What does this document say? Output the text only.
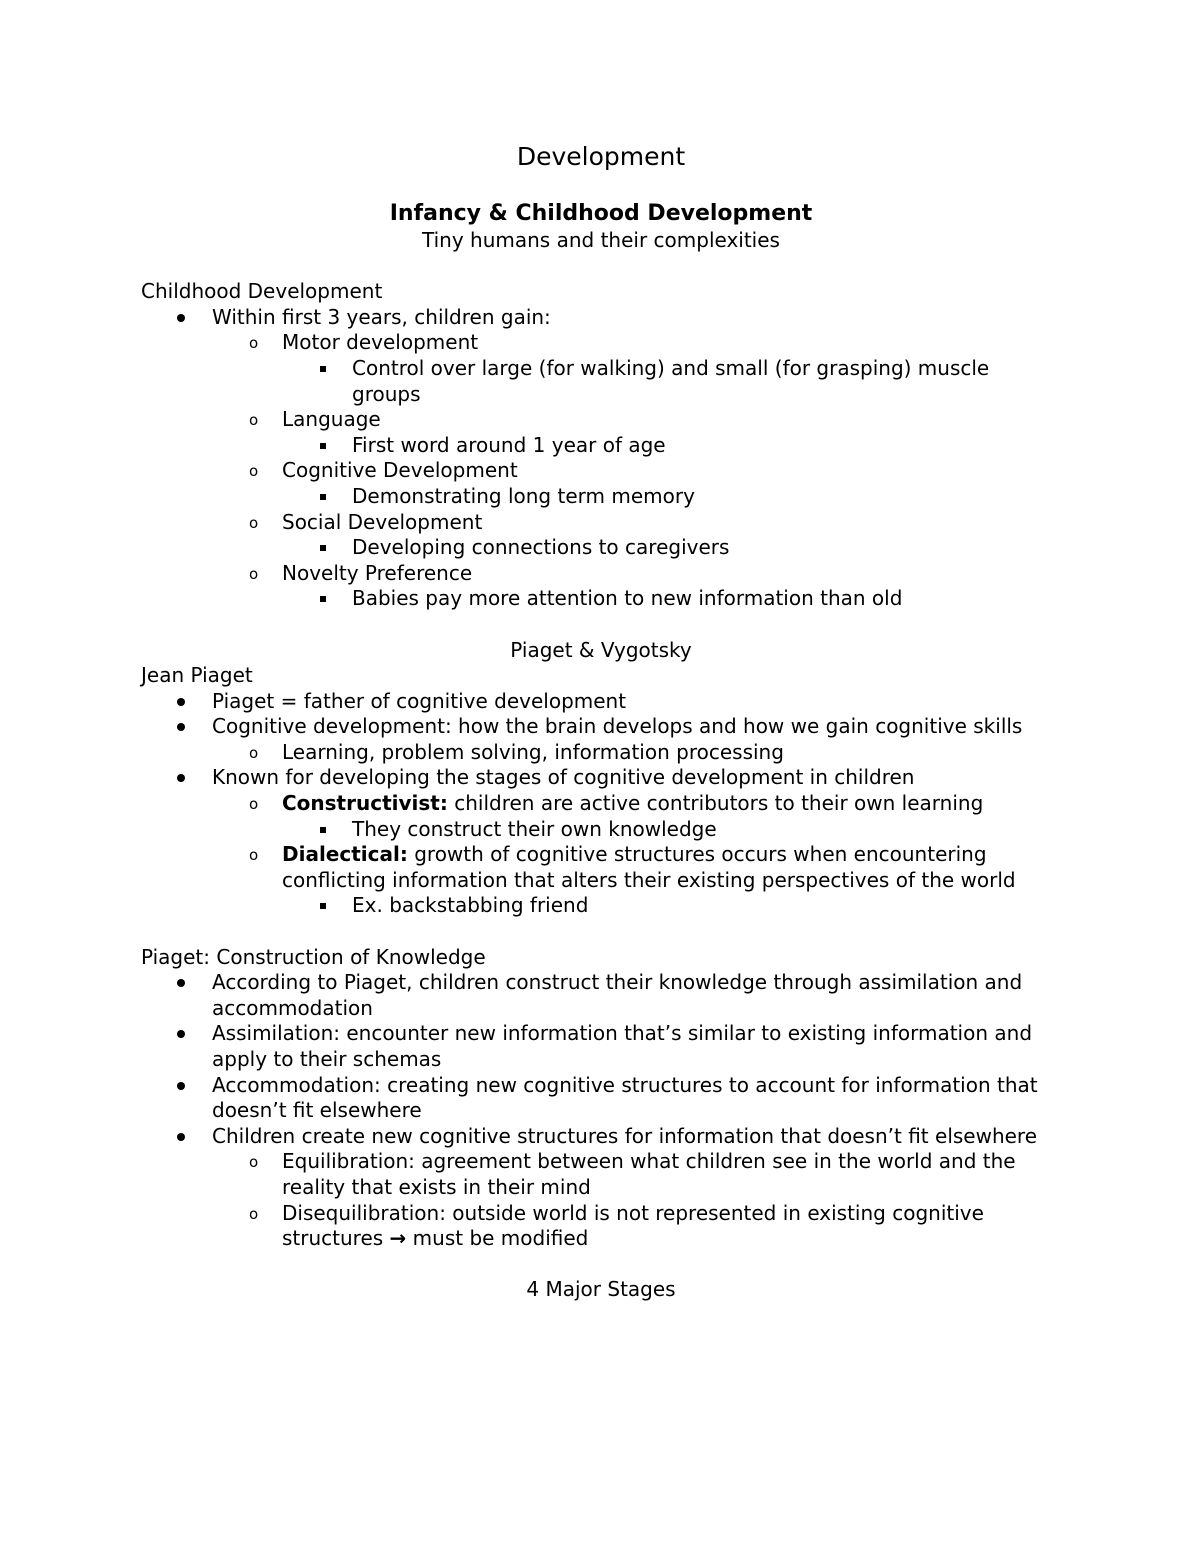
Development
Infancy & Childhood Development
Tiny humans and their complexities
Childhood Development
Within first 3 years, children gain:
o Motor development
Control over large (for walking) and small (for grasping) muscle groups
o Language
First word around 1 year of age
o Cognitive Development
Demonstrating long term memory
o Social Development
Developing connections to caregivers
o Novelty Preference
Babies pay more attention to new information than old
Piaget & Vygotsky
Jean Piaget
Piaget = father of cognitive development
Cognitive development: how the brain develops and how we gain cognitive skills
o Learning, problem solving, information processing
Known for developing the stages of cognitive development in children
o Constructivist: children are active contributors to their own learning
They construct their own knowledge
o Dialectical: growth of cognitive structures occurs when encountering conflicting information that alters their existing perspectives of the world
Ex. backstabbing friend
Piaget: Construction of Knowledge
According to Piaget, children construct their knowledge through assimilation and accommodation
Assimilation: encounter new information that’s similar to existing information and apply to their schemas
Accommodation: creating new cognitive structures to account for information that doesn’t fit elsewhere
Children create new cognitive structures for information that doesn’t fit elsewhere
o Equilibration: agreement between what children see in the world and the reality that exists in their mind
o Disequilibration: outside world is not represented in existing cognitive structures → must be modified
4 Major Stages
